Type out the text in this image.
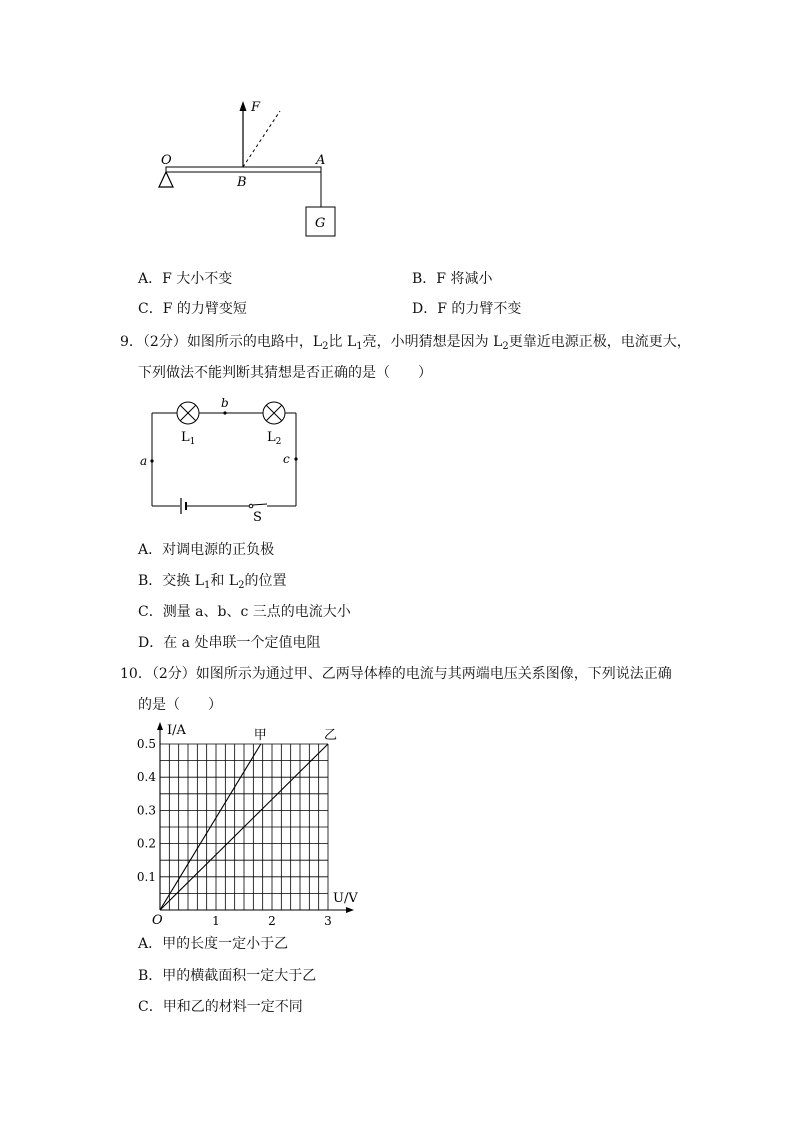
F
O	A
B
G
A．F 大小不变	B．F 将减小
C．F 的力臂变短	D．F 的力臂不变
9．（2分）如图所示的电路中，$L_2$比 $L_1$亮，小明猜想是因为 $L_2$更靠近电源正极，电流更大，
下列做法不能判断其猜想是否正确的是（　　）
b
a	c
$L_1$	$L_2$
S
A．对调电源的正负极
B．交换 $L_1$和 $L_2$的位置
C．测量 a、b、c 三点的电流大小
D．在 a 处串联一个定值电阻
10．（2分）如图所示为通过甲、乙两导体棒的电流与其两端电压关系图像，下列说法正确
的是（　　）
I/A
U/V
O	1	2	3
0.1
0.2
0.3
0.4
0.5
甲	乙
A．甲的长度一定小于乙
B．甲的横截面积一定大于乙
C．甲和乙的材料一定不同
